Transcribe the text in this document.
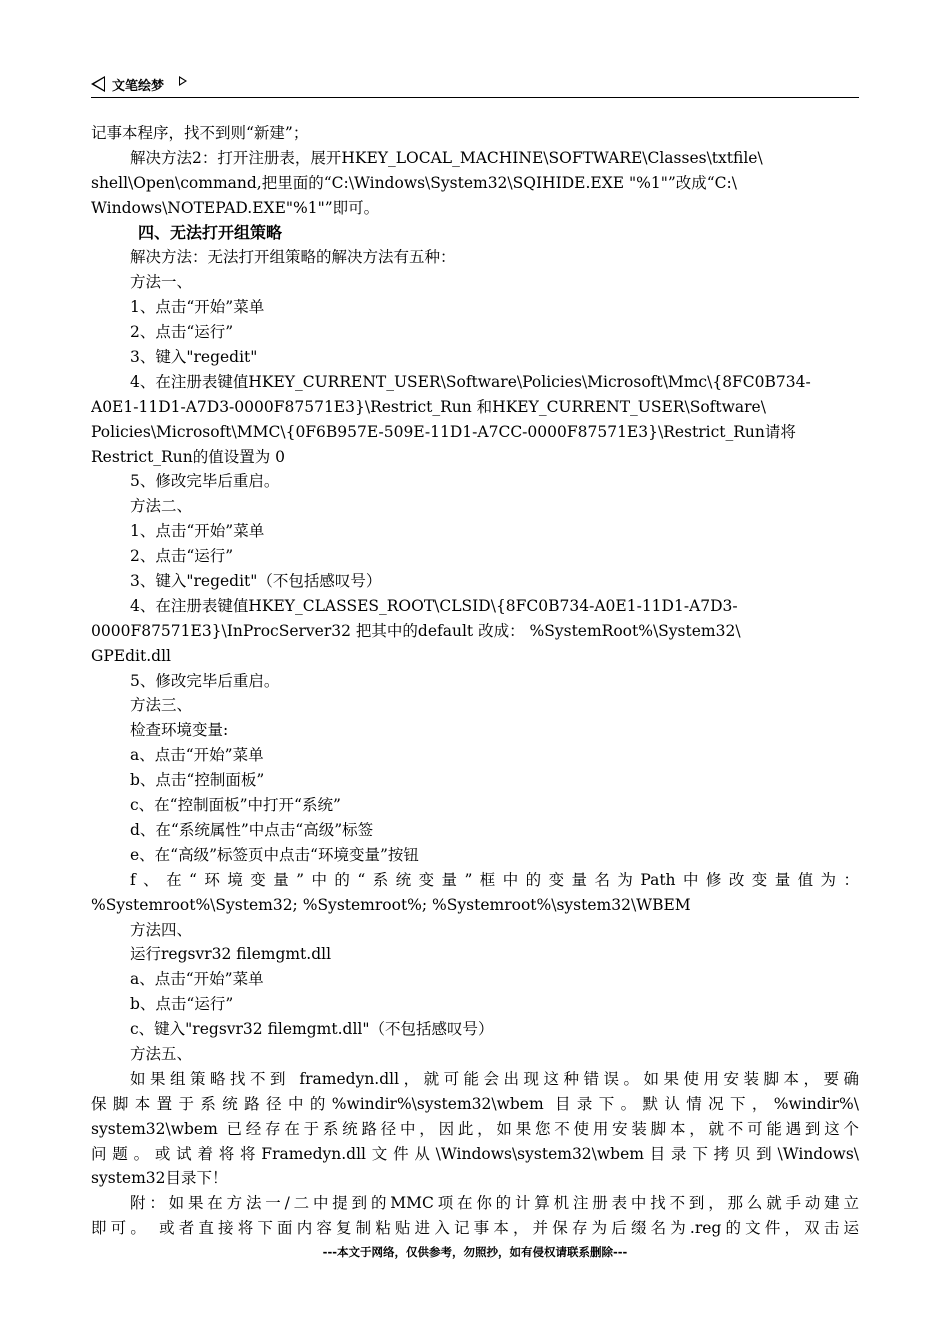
文笔绘梦
记事本程序，找不到则“新建”；
解决方法2：打开注册表，展开HKEY_LOCAL_MACHINE\SOFTWARE\Classes\txtfile\
shell\Open\command,把里面的“C:\Windows\System32\SQIHIDE.EXE "%1"”改成“C:\
Windows\NOTEPAD.EXE"%1"”即可。
四、无法打开组策略
解决方法：无法打开组策略的解决方法有五种：
方法一、
1、点击“开始”菜单
2、点击“运行”
3、键入"regedit"
4、在注册表键值HKEY_CURRENT_USER\Software\Policies\Microsoft\Mmc\{8FC0B734-
A0E1-11D1-A7D3-0000F87571E3}\Restrict_Run 和HKEY_CURRENT_USER\Software\
Policies\Microsoft\MMC\{0F6B957E-509E-11D1-A7CC-0000F87571E3}\Restrict_Run请将
Restrict_Run的值设置为 0
5、修改完毕后重启。
方法二、
1、点击“开始”菜单
2、点击“运行”
3、键入"regedit"（不包括感叹号）
4、在注册表键值HKEY_CLASSES_ROOT\CLSID\{8FC0B734-A0E1-11D1-A7D3-
0000F87571E3}\InProcServer32 把其中的default 改成： %SystemRoot%\System32\
GPEdit.dll
5、修改完毕后重启。
方法三、
检查环境变量:
a、点击“开始”菜单
b、点击“控制面板”
c、在“控制面板”中打开“系统”
d、在“系统属性”中点击“高级”标签
e、在“高级”标签页中点击“环境变量”按钮
f、在“环境变量”中的“系统变量”框中的变量名为Path中修改变量值为：
%Systemroot%\System32; %Systemroot%; %Systemroot%\system32\WBEM
方法四、
运行regsvr32 filemgmt.dll
a、点击“开始”菜单
b、点击“运行”
c、键入"regsvr32 filemgmt.dll"（不包括感叹号）
方法五、
如果组策略找不到 framedyn.dll，就可能会出现这种错误。如果使用安装脚本，要确
保脚本置于系统路径中的%windir%\system32\wbem 目录下。默认情况下，%windir%\
system32\wbem 已经存在于系统路径中，因此，如果您不使用安装脚本，就不可能遇到这个
问题。或试着将将Framedyn.dll文件从\Windows\system32\wbem目录下拷贝到\Windows\
system32目录下！
附：如果在方法一/二中提到的MMC项在你的计算机注册表中找不到，那么就手动建立
即可。 或者直接将下面内容复制粘贴进入记事本，并保存为后缀名为.reg的文件，双击运
---本文于网络，仅供参考，勿照抄，如有侵权请联系删除---
